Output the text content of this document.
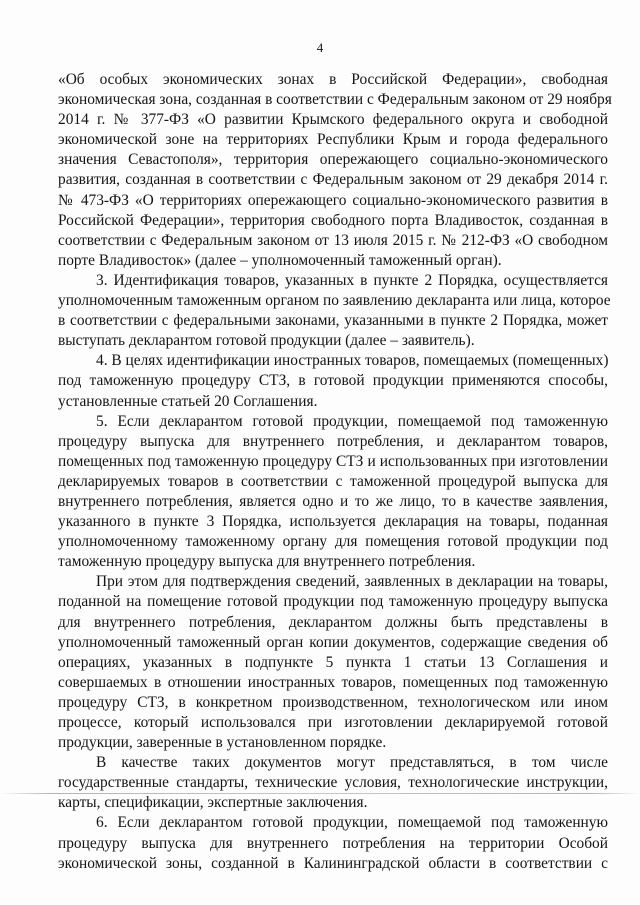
4
«Об особых экономических зонах в Российской Федерации», свободная
экономическая зона, созданная в соответствии с Федеральным законом от 29 ноября
2014 г. № 377-ФЗ «О развитии Крымского федерального округа и свободной
экономической зоне на территориях Республики Крым и города федерального
значения Севастополя», территория опережающего социально-экономического
развития, созданная в соответствии с Федеральным законом от 29 декабря 2014 г.
№ 473-ФЗ «О территориях опережающего социально-экономического развития в
Российской Федерации», территория свободного порта Владивосток, созданная в
соответствии с Федеральным законом от 13 июля 2015 г. № 212-ФЗ «О свободном
порте Владивосток» (далее – уполномоченный таможенный орган).
3. Идентификация товаров, указанных в пункте 2 Порядка, осуществляется
уполномоченным таможенным органом по заявлению декларанта или лица, которое
в соответствии с федеральными законами, указанными в пункте 2 Порядка, может
выступать декларантом готовой продукции (далее – заявитель).
4. В целях идентификации иностранных товаров, помещаемых (помещенных)
под таможенную процедуру СТЗ, в готовой продукции применяются способы,
установленные статьей 20 Соглашения.
5. Если декларантом готовой продукции, помещаемой под таможенную
процедуру выпуска для внутреннего потребления, и декларантом товаров,
помещенных под таможенную процедуру СТЗ и использованных при изготовлении
декларируемых товаров в соответствии с таможенной процедурой выпуска для
внутреннего потребления, является одно и то же лицо, то в качестве заявления,
указанного в пункте 3 Порядка, используется декларация на товары, поданная
уполномоченному таможенному органу для помещения готовой продукции под
таможенную процедуру выпуска для внутреннего потребления.
При этом для подтверждения сведений, заявленных в декларации на товары,
поданной на помещение готовой продукции под таможенную процедуру выпуска
для внутреннего потребления, декларантом должны быть представлены в
уполномоченный таможенный орган копии документов, содержащие сведения об
операциях, указанных в подпункте 5 пункта 1 статьи 13 Соглашения и
совершаемых в отношении иностранных товаров, помещенных под таможенную
процедуру СТЗ, в конкретном производственном, технологическом или ином
процессе, который использовался при изготовлении декларируемой готовой
продукции, заверенные в установленном порядке.
В качестве таких документов могут представляться, в том числе
государственные стандарты, технические условия, технологические инструкции,
карты, спецификации, экспертные заключения.
6. Если декларантом готовой продукции, помещаемой под таможенную
процедуру выпуска для внутреннего потребления на территории Особой
экономической зоны, созданной в Калининградской области в соответствии с
